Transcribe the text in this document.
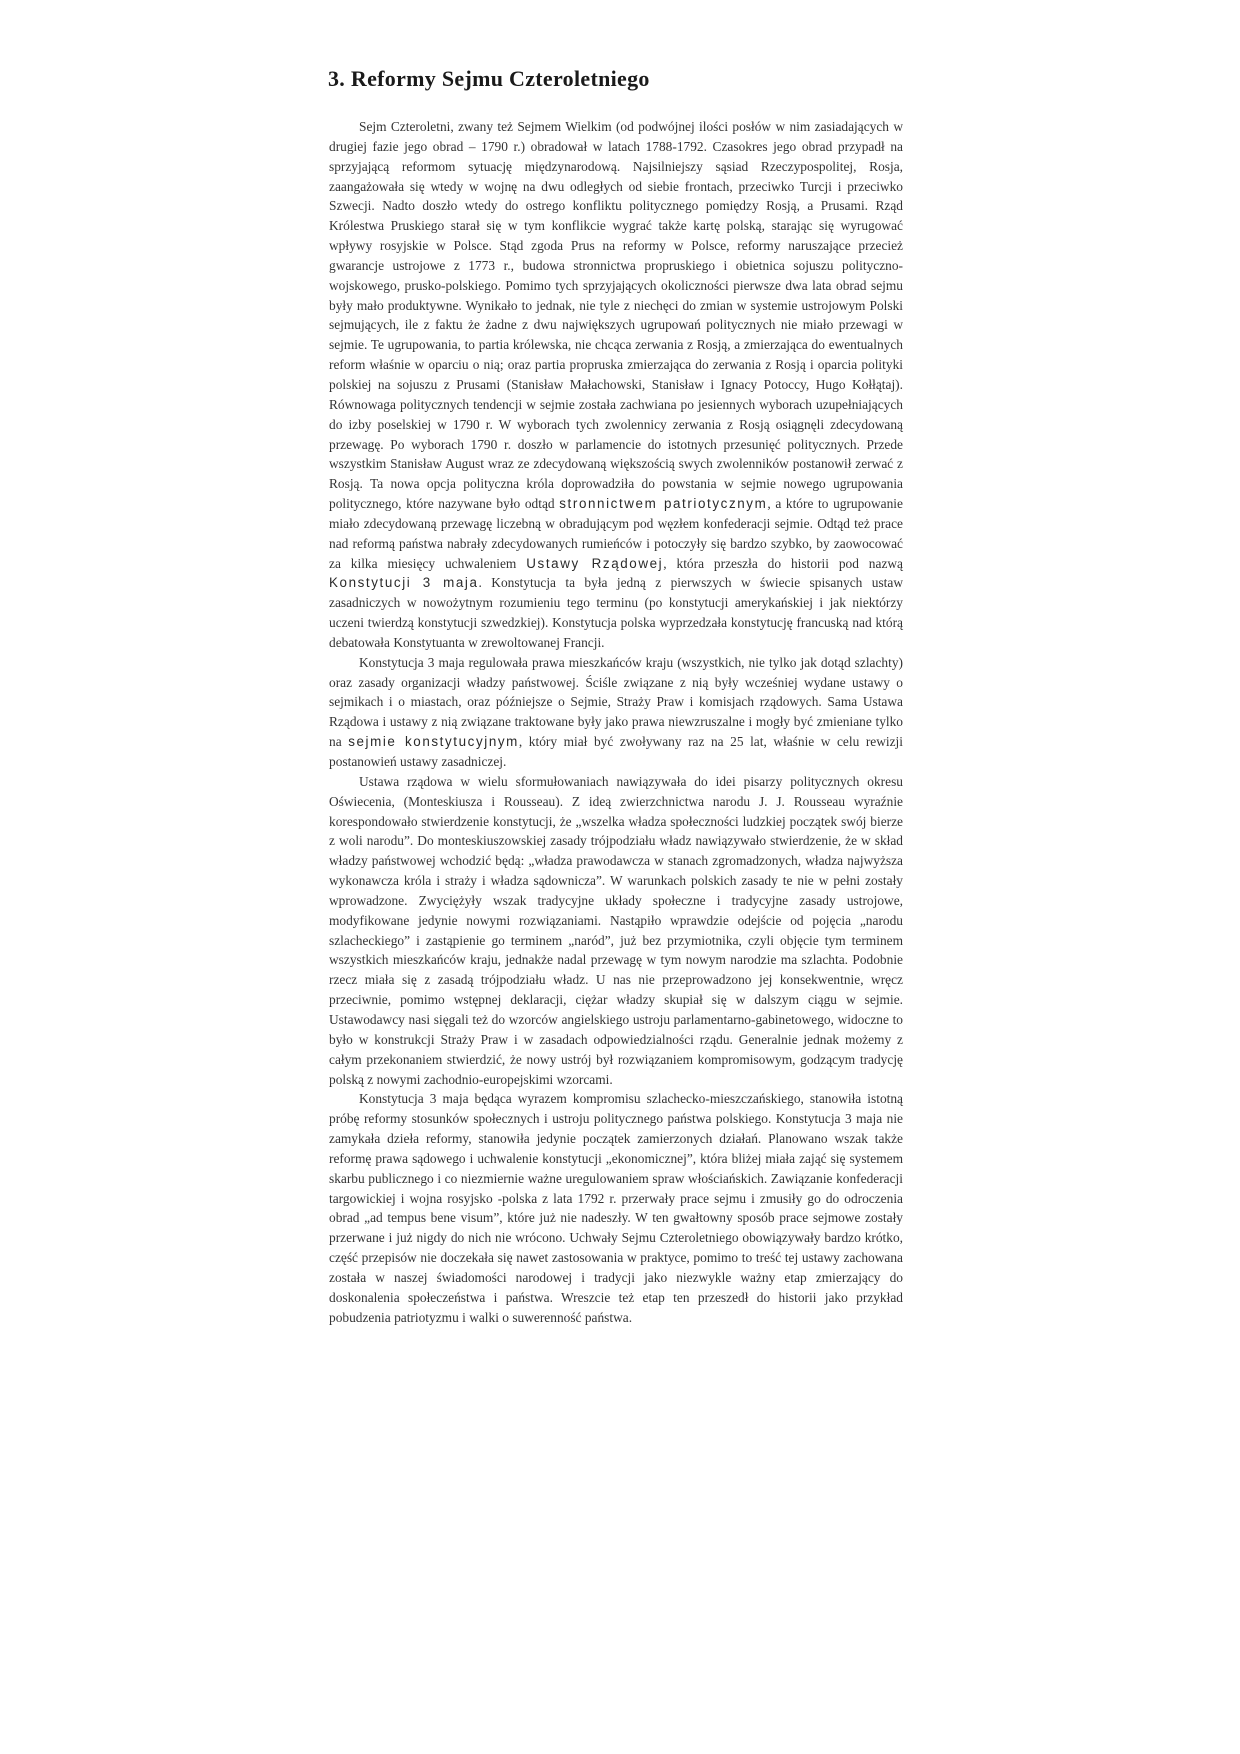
3. Reformy Sejmu Czteroletniego

Sejm Czteroletni, zwany też Sejmem Wielkim (od podwójnej ilości posłów w nim zasiadających w drugiej fazie jego obrad – 1790 r.) obradował w latach 1788-1792. Czasokres jego obrad przypadł na sprzyjającą reformom sytuację międzynarodową. Najsilniejszy sąsiad Rzeczypospolitej, Rosja, zaangażowała się wtedy w wojnę na dwu odległych od siebie frontach, przeciwko Turcji i przeciwko Szwecji. Nadto doszło wtedy do ostrego konfliktu politycznego pomiędzy Rosją, a Prusami. Rząd Królestwa Pruskiego starał się w tym konflikcie wygrać także kartę polską, starając się wyrugować wpływy rosyjskie w Polsce. Stąd zgoda Prus na reformy w Polsce, reformy naruszające przecież gwarancje ustrojowe z 1773 r., budowa stronnictwa propruskiego i obietnica sojuszu polityczno-wojskowego, prusko-polskiego. Pomimo tych sprzyjających okoliczności pierwsze dwa lata obrad sejmu były mało produktywne. Wynikało to jednak, nie tyle z niechęci do zmian w systemie ustrojowym Polski sejmujących, ile z faktu że żadne z dwu największych ugrupowań politycznych nie miało przewagi w sejmie. Te ugrupowania, to partia królewska, nie chcąca zerwania z Rosją, a zmierzająca do ewentualnych reform właśnie w oparciu o nią; oraz partia propruska zmierzająca do zerwania z Rosją i oparcia polityki polskiej na sojuszu z Prusami (Stanisław Małachowski, Stanisław i Ignacy Potoccy, Hugo Kołłątaj). Równowaga politycznych tendencji w sejmie została zachwiana po jesiennych wyborach uzupełniających do izby poselskiej w 1790 r. W wyborach tych zwolennicy zerwania z Rosją osiągnęli zdecydowaną przewagę. Po wyborach 1790 r. doszło w parlamencie do istotnych przesunięć politycznych. Przede wszystkim Stanisław August wraz ze zdecydowaną większością swych zwolenników postanowił zerwać z Rosją. Ta nowa opcja polityczna króla doprowadziła do powstania w sejmie nowego ugrupowania politycznego, które nazywane było odtąd stronnictwem patriotycznym, a które to ugrupowanie miało zdecydowaną przewagę liczebną w obradującym pod węzłem konfederacji sejmie. Odtąd też prace nad reformą państwa nabrały zdecydowanych rumieńców i potoczyły się bardzo szybko, by zaowocować za kilka miesięcy uchwaleniem Ustawy Rządowej, która przeszła do historii pod nazwą Konstytucji 3 maja. Konstytucja ta była jedną z pierwszych w świecie spisanych ustaw zasadniczych w nowożytnym rozumieniu tego terminu (po konstytucji amerykańskiej i jak niektórzy uczeni twierdzą konstytucji szwedzkiej). Konstytucja polska wyprzedzała konstytucję francuską nad którą debatowała Konstytuanta w zrewoltowanej Francji.

Konstytucja 3 maja regulowała prawa mieszkańców kraju (wszystkich, nie tylko jak dotąd szlachty) oraz zasady organizacji władzy państwowej. Ściśle związane z nią były wcześniej wydane ustawy o sejmikach i o miastach, oraz późniejsze o Sejmie, Straży Praw i komisjach rządowych. Sama Ustawa Rządowa i ustawy z nią związane traktowane były jako prawa niewzruszalne i mogły być zmieniane tylko na sejmie konstytucyjnym, który miał być zwoływany raz na 25 lat, właśnie w celu rewizji postanowień ustawy zasadniczej.

Ustawa rządowa w wielu sformułowaniach nawiązywała do idei pisarzy politycznych okresu Oświecenia, (Monteskiusza i Rousseau). Z ideą zwierzchnictwa narodu J. J. Rousseau wyraźnie korespondowało stwierdzenie konstytucji, że „wszelka władza społeczności ludzkiej początek swój bierze z woli narodu”. Do monteskiuszowskiej zasady trójpodziału władz nawiązywało stwierdzenie, że w skład władzy państwowej wchodzić będą: „władza prawodawcza w stanach zgromadzonych, władza najwyższa wykonawcza króla i straży i władza sądownicza”. W warunkach polskich zasady te nie w pełni zostały wprowadzone. Zwyciężyły wszak tradycyjne układy społeczne i tradycyjne zasady ustrojowe, modyfikowane jedynie nowymi rozwiązaniami. Nastąpiło wprawdzie odejście od pojęcia „narodu szlacheckiego” i zastąpienie go terminem „naród”, już bez przymiotnika, czyli objęcie tym terminem wszystkich mieszkańców kraju, jednakże nadal przewagę w tym nowym narodzie ma szlachta. Podobnie rzecz miała się z zasadą trójpodziału władz. U nas nie przeprowadzono jej konsekwentnie, wręcz przeciwnie, pomimo wstępnej deklaracji, ciężar władzy skupiał się w dalszym ciągu w sejmie. Ustawodawcy nasi sięgali też do wzorców angielskiego ustroju parlamentarno-gabinetowego, widoczne to było w konstrukcji Straży Praw i w zasadach odpowiedzialności rządu. Generalnie jednak możemy z całym przekonaniem stwierdzić, że nowy ustrój był rozwiązaniem kompromisowym, godzącym tradycję polską z nowymi zachodnio-europejskimi wzorcami.

Konstytucja 3 maja będąca wyrazem kompromisu szlachecko-mieszczańskiego, stanowiła istotną próbę reformy stosunków społecznych i ustroju politycznego państwa polskiego. Konstytucja 3 maja nie zamykała dzieła reformy, stanowiła jedynie początek zamierzonych działań. Planowano wszak także reformę prawa sądowego i uchwalenie konstytucji „ekonomicznej”, która bliżej miała zająć się systemem skarbu publicznego i co niezmiernie ważne uregulowaniem spraw włościańskich. Zawiązanie konfederacji targowickiej i wojna rosyjsko -polska z lata 1792 r. przerwały prace sejmu i zmusiły go do odroczenia obrad „ad tempus bene visum”, które już nie nadeszły. W ten gwałtowny sposób prace sejmowe zostały przerwane i już nigdy do nich nie wrócono. Uchwały Sejmu Czteroletniego obowiązywały bardzo krótko, część przepisów nie doczekała się nawet zastosowania w praktyce, pomimo to treść tej ustawy zachowana została w naszej świadomości narodowej i tradycji jako niezwykle ważny etap zmierzający do doskonalenia społeczeństwa i państwa. Wreszcie też etap ten przeszedł do historii jako przykład pobudzenia patriotyzmu i walki o suwerenność państwa.
